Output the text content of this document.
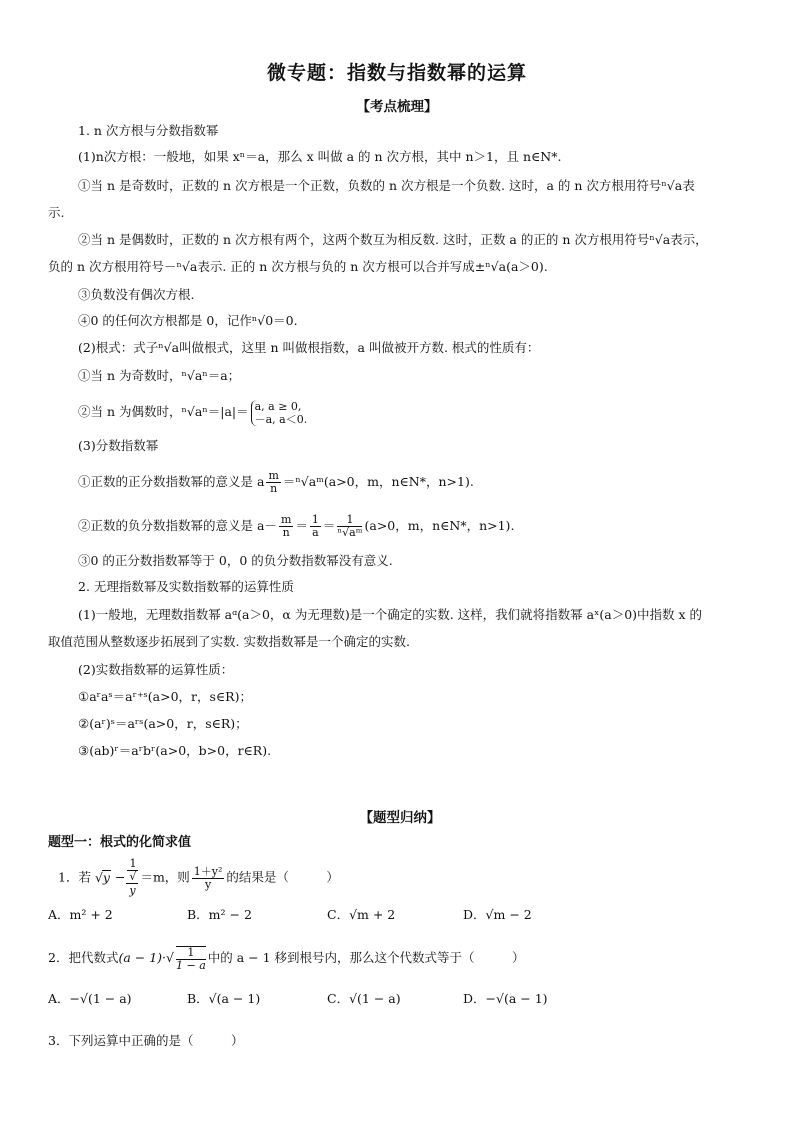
微专题：指数与指数幂的运算
【考点梳理】
1. n 次方根与分数指数幂
(1)n次方根：一般地，如果 xⁿ＝a，那么 x 叫做 a 的 n 次方根，其中 n＞1，且 n∈N*.
①当 n 是奇数时，正数的 n 次方根是一个正数，负数的 n 次方根是一个负数. 这时，a 的 n 次方根用符号ⁿ√a表
示.
②当 n 是偶数时，正数的 n 次方根有两个，这两个数互为相反数. 这时，正数 a 的正的 n 次方根用符号ⁿ√a表示，
负的 n 次方根用符号－ⁿ√a表示. 正的 n 次方根与负的 n 次方根可以合并写成±ⁿ√a(a＞0).
③负数没有偶次方根.
④0 的任何次方根都是 0，记作ⁿ√0＝0.
(2)根式：式子ⁿ√a叫做根式，这里 n 叫做根指数，a 叫做被开方数. 根式的性质有：
①当 n 为奇数时，ⁿ√aⁿ＝a；
②当 n 为偶数时，ⁿ√aⁿ＝|a|＝ a, a ≥ 0,
－a, a＜0.
(3)分数指数幂
①正数的正分数指数幂的意义是 a $\frac{m}{n}$ ＝ⁿ√aᵐ(a>0，m，n∈N*，n>1).
②正数的负分数指数幂的意义是 $a- \frac{m}{n} = \frac{1}{a} = \frac{1}{\text{ⁿ√aᵐ}} (a>0$，m，n∈N*，n>1).
③0 的正分数指数幂等于 0，0 的负分数指数幂没有意义.
2. 无理指数幂及实数指数幂的运算性质
(1)一般地，无理数指数幂 aᵅ(a＞0，α 为无理数)是一个确定的实数. 这样，我们就将指数幂 aˣ(a＞0)中指数 x 的
取值范围从整数逐步拓展到了实数. 实数指数幂是一个确定的实数.
(2)实数指数幂的运算性质：
①aʳaˢ＝aʳ⁺ˢ(a>0，r，s∈R)；
②(aʳ)ˢ＝aʳˢ(a>0，r，s∈R)；
③(ab)ʳ＝aʳbʳ(a>0，b>0，r∈R).
【题型归纳】
题型一：根式的化简求值
1．若 √y − 1
√
y ＝m，则 $\frac{\text{1＋y²}}{y}$ 的结果是（　　　）
A．m² + 2	B．m² − 2	C．√m + 2	D．√m − 2
2．把代数式$(a - 1)\cdot√ \frac{1}{1 - a}$ 中的 a − 1 移到根号内，那么这个代数式等于（　　　）
A．−√(1 − a)	B．√(a − 1)	C．√(1 − a)	D．−√(a − 1)
3．下列运算中正确的是（　　　）
